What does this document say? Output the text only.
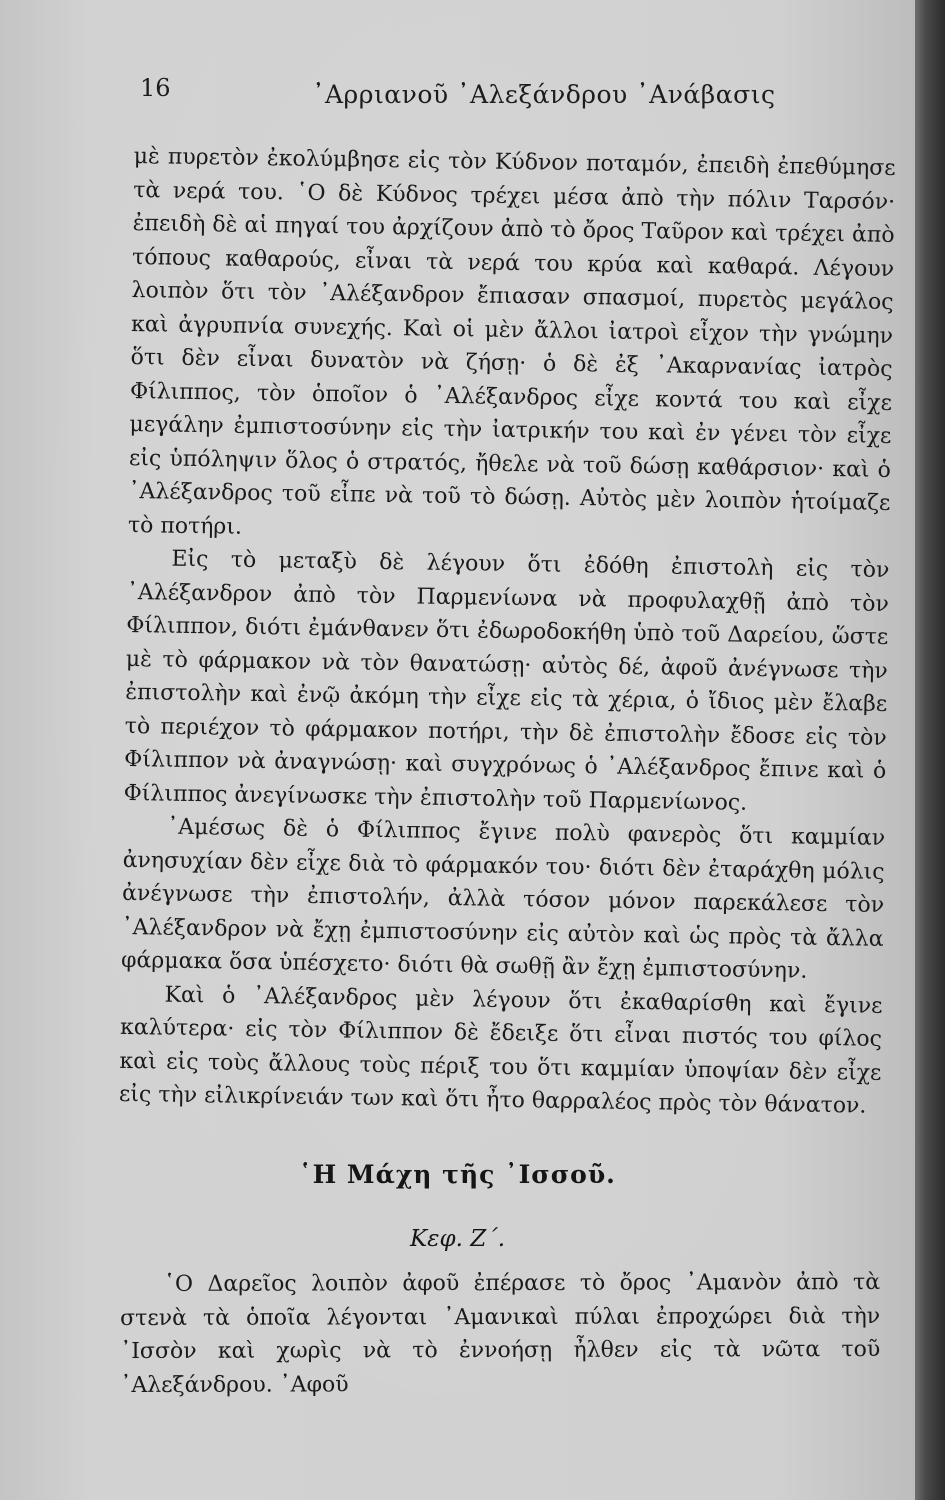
16	᾿Αρριανοῦ ᾿Αλεξάνδρου ᾿Ανάβασις

μὲ πυρετὸν ἐκολύμβησε εἰς τὸν Κύδνον ποταμόν, ἐπειδὴ ἐπεθύμησε τὰ νερά του. ῾Ο δὲ Κύδνος τρέχει μέσα ἀπὸ τὴν πόλιν Ταρσόν· ἐπειδὴ δὲ αἱ πηγαί του ἀρχίζουν ἀπὸ τὸ ὄρος Ταῦρον καὶ τρέχει ἀπὸ τόπους καθαρούς, εἶναι τὰ νερά του κρύα καὶ καθαρά. Λέγουν λοιπὸν ὅτι τὸν ᾿Αλέξανδρον ἔπιασαν σπασμοί, πυρετὸς μεγάλος καὶ ἀγρυπνία συνεχής. Καὶ οἱ μὲν ἄλλοι ἰατροὶ εἶχον τὴν γνώμην ὅτι δὲν εἶναι δυνατὸν νὰ ζήσῃ· ὁ δὲ ἐξ ᾿Ακαρνανίας ἰατρὸς Φίλιππος, τὸν ὁποῖον ὁ ᾿Αλέξανδρος εἶχε κοντά του καὶ εἶχε μεγάλην ἐμπιστοσύνην εἰς τὴν ἰατρικήν του καὶ ἐν γένει τὸν εἶχε εἰς ὑπόληψιν ὅλος ὁ στρατός, ἤθελε νὰ τοῦ δώσῃ καθάρσιον· καὶ ὁ ᾿Αλέξανδρος τοῦ εἶπε νὰ τοῦ τὸ δώσῃ. Αὐτὸς μὲν λοιπὸν ἡτοίμαζε τὸ ποτήρι.

Εἰς τὸ μεταξὺ δὲ λέγουν ὅτι ἐδόθη ἐπιστολὴ εἰς τὸν ᾿Αλέξανδρον ἀπὸ τὸν Παρμενίωνα νὰ προφυλαχθῇ ἀπὸ τὸν Φίλιππον, διότι ἐμάνθανεν ὅτι ἐδωροδοκήθη ὑπὸ τοῦ Δαρείου, ὥστε μὲ τὸ φάρμακον νὰ τὸν θανατώσῃ· αὐτὸς δέ, ἀφοῦ ἀνέγνωσε τὴν ἐπιστολὴν καὶ ἐνῷ ἀκόμη τὴν εἶχε εἰς τὰ χέρια, ὁ ἴδιος μὲν ἔλαβε τὸ περιέχον τὸ φάρμακον ποτήρι, τὴν δὲ ἐπιστολὴν ἔδοσε εἰς τὸν Φίλιππον νὰ ἀναγνώσῃ· καὶ συγχρόνως ὁ ᾿Αλέξανδρος ἔπινε καὶ ὁ Φίλιππος ἀνεγίνωσκε τὴν ἐπιστολὴν τοῦ Παρμενίωνος.

᾿Αμέσως δὲ ὁ Φίλιππος ἔγινε πολὺ φανερὸς ὅτι καμμίαν ἀνησυχίαν δὲν εἶχε διὰ τὸ φάρμακόν του· διότι δὲν ἐταράχθη μόλις ἀνέγνωσε τὴν ἐπιστολήν, ἀλλὰ τόσον μόνον παρεκάλεσε τὸν ᾿Αλέξανδρον νὰ ἔχῃ ἐμπιστοσύνην εἰς αὐτὸν καὶ ὡς πρὸς τὰ ἄλλα φάρμακα ὅσα ὑπέσχετο· διότι θὰ σωθῇ ἂν ἔχῃ ἐμπιστοσύνην.

Καὶ ὁ ᾿Αλέξανδρος μὲν λέγουν ὅτι ἐκαθαρίσθη καὶ ἔγινε καλύτερα· εἰς τὸν Φίλιππον δὲ ἔδειξε ὅτι εἶναι πιστός του φίλος καὶ εἰς τοὺς ἄλλους τοὺς πέριξ του ὅτι καμμίαν ὑποψίαν δὲν εἶχε εἰς τὴν εἰλικρίνειάν των καὶ ὅτι ἦτο θαρραλέος πρὸς τὸν θάνατον.

῾Η Μάχη τῆς ᾿Ισσοῦ.
Κεφ. Ζ΄.

῾Ο Δαρεῖος λοιπὸν ἀφοῦ ἐπέρασε τὸ ὄρος ᾿Αμανὸν ἀπὸ τὰ στενὰ τὰ ὁποῖα λέγονται ᾿Αμανικαὶ πύλαι ἐπροχώρει διὰ τὴν ᾿Ισσὸν καὶ χωρὶς νὰ τὸ ἐννοήσῃ ἦλθεν εἰς τὰ νῶτα τοῦ ᾿Αλεξάνδρου. ᾿Αφοῦ
